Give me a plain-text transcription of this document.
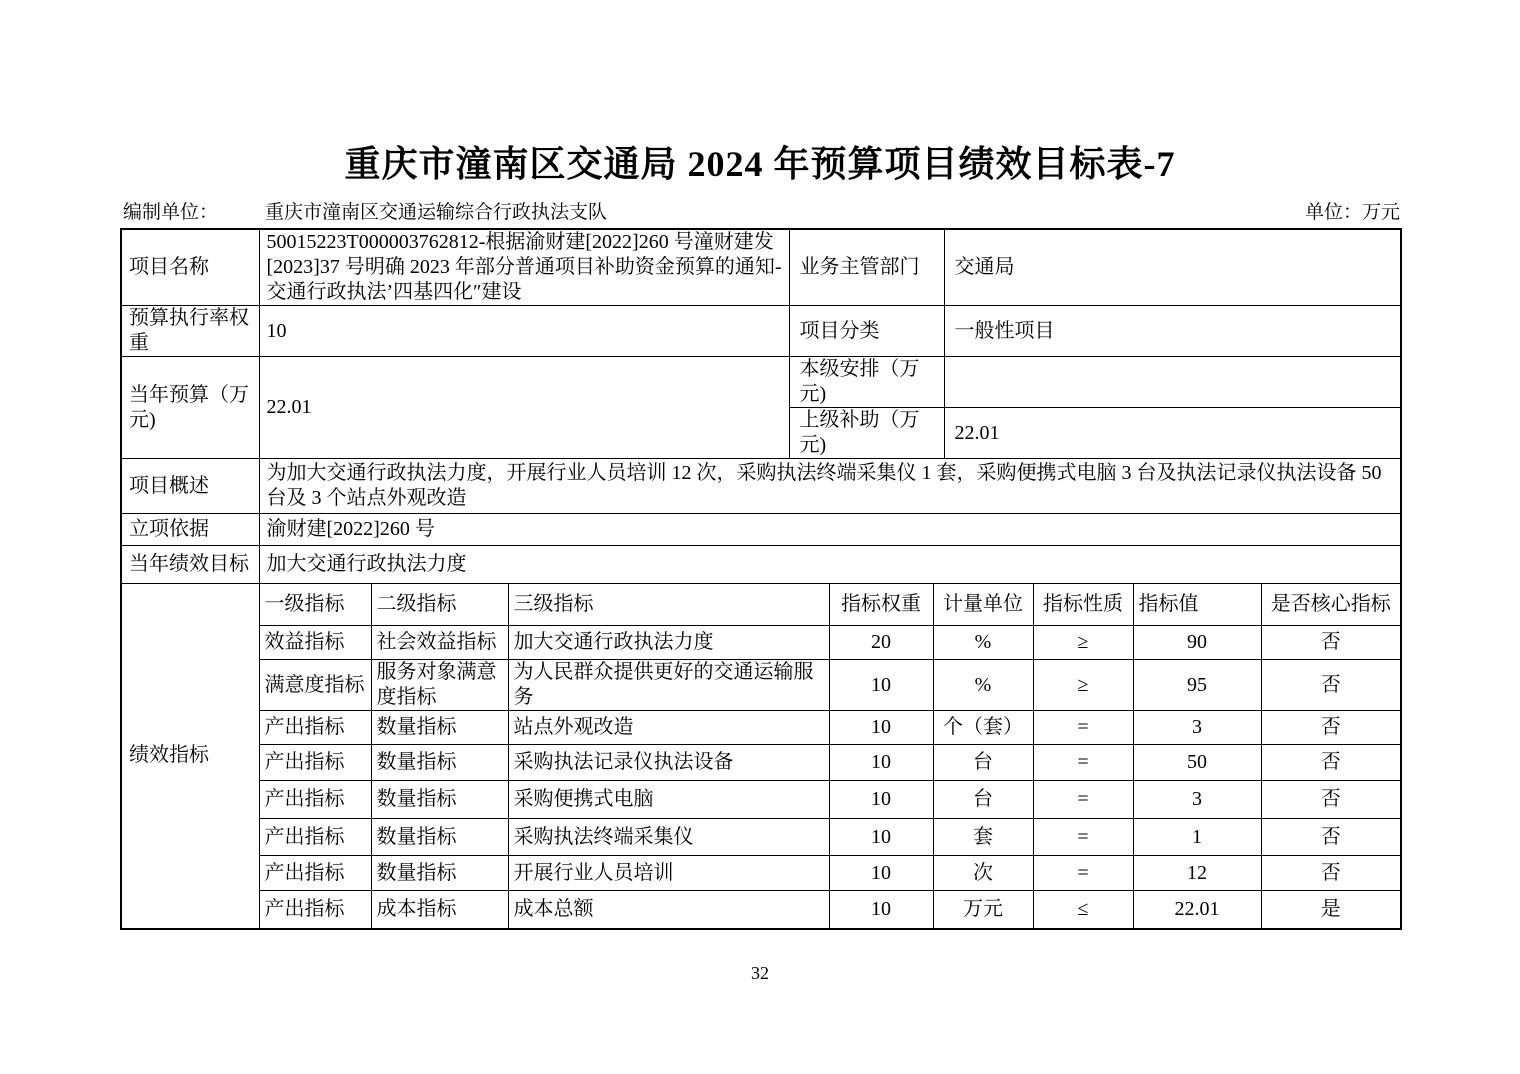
重庆市潼南区交通局 2024 年预算项目绩效目标表-7
编制单位： 重庆市潼南区交通运输综合行政执法支队	单位：万元
项目名称	50015223T000003762812-根据渝财建[2022]260 号潼财建发[2023]37 号明确 2023 年部分普通项目补助资金预算的通知-交通行政执法’四基四化″建设			业务主管部门			交通局			
预算执行率权重	10			项目分类			一般性项目			
当年预算（万元)	22.01			本级安排（万元)						
				上级补助（万元)			22.01			
项目概述	为加大交通行政执法力度，开展行业人员培训 12 次，采购执法终端采集仪 1 套，采购便携式电脑 3 台及执法记录仪执法设备 50 台及 3 个站点外观改造									
立项依据	渝财建[2022]260 号									
当年绩效目标	加大交通行政执法力度									
绩效指标	一级指标	二级指标	三级指标		指标权重	计量单位		指标性质	指标值	是否核心指标
	效益指标	社会效益指标	加大交通行政执法力度		20	%		≥	90	否
	满意度指标	服务对象满意度指标	为人民群众提供更好的交通运输服务		10	%		≥	95	否
	产出指标	数量指标	站点外观改造		10	个（套）		=	3	否
	产出指标	数量指标	采购执法记录仪执法设备		10	台		=	50	否
	产出指标	数量指标	采购便携式电脑		10	台		=	3	否
	产出指标	数量指标	采购执法终端采集仪		10	套		=	1	否
	产出指标	数量指标	开展行业人员培训		10	次		=	12	否
	产出指标	成本指标	成本总额		10	万元		≤	22.01	是
32
